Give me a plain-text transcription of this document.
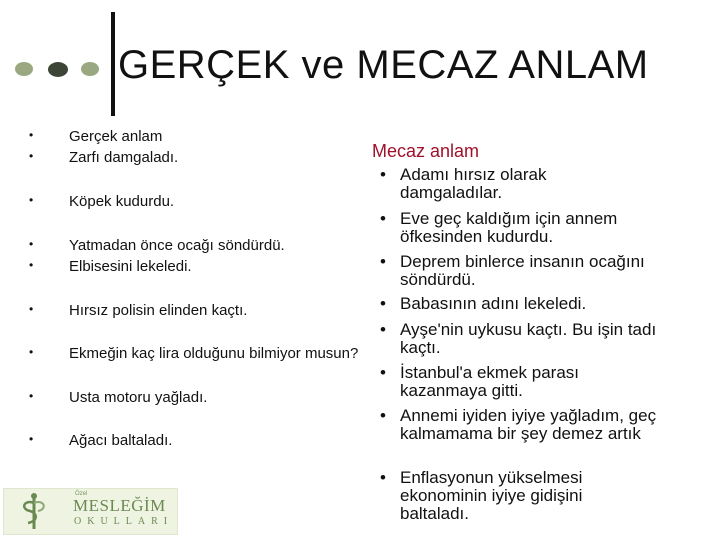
GERÇEK ve MECAZ ANLAM
• Gerçek anlam
• Zarfı damgaladı.
• Köpek kudurdu.
• Yatmadan önce ocağı söndürdü.
• Elbisesini lekeledi.
• Hırsız polisin elinden kaçtı.
• Ekmeğin kaç lira olduğunu bilmiyor musun?
• Usta motoru yağladı.
• Ağacı baltaladı.
Mecaz anlam
• Adamı hırsız olarak damgaladılar.
• Eve geç kaldığım için annem öfkesinden kudurdu.
• Deprem binlerce insanın ocağını söndürdü.
• Babasının adını lekeledi.
• Ayşe'nin uykusu kaçtı. Bu işin tadı kaçtı.
• İstanbul'a ekmek parası kazanmaya gitti.
• Annemi iyiden iyiye yağladım, geç kalmamama bir şey demez artık
• Enflasyonun yükselmesi ekonominin iyiye gidişini baltaladı.
Özel
MESLEĞİM
OKULLARI
